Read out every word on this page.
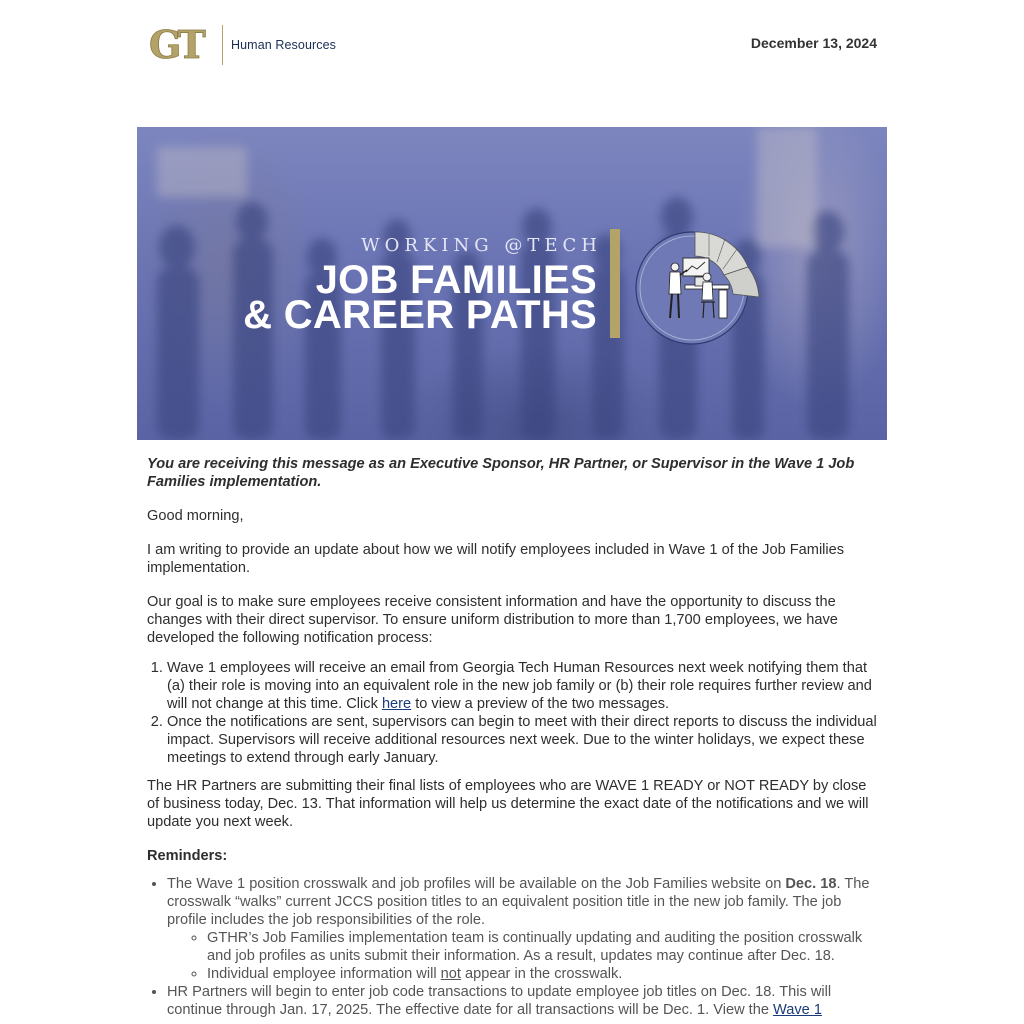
GT Human Resources	December 13, 2024
WORKING @TECH
JOB FAMILIES
& CAREER PATHS

You are receiving this message as an Executive Sponsor, HR Partner, or Supervisor in the Wave 1 Job Families implementation.

Good morning,

I am writing to provide an update about how we will notify employees included in Wave 1 of the Job Families implementation.

Our goal is to make sure employees receive consistent information and have the opportunity to discuss the changes with their direct supervisor. To ensure uniform distribution to more than 1,700 employees, we have developed the following notification process:

1. Wave 1 employees will receive an email from Georgia Tech Human Resources next week notifying them that (a) their role is moving into an equivalent role in the new job family or (b) their role requires further review and will not change at this time. Click here to view a preview of the two messages.
2. Once the notifications are sent, supervisors can begin to meet with their direct reports to discuss the individual impact. Supervisors will receive additional resources next week. Due to the winter holidays, we expect these meetings to extend through early January.

The HR Partners are submitting their final lists of employees who are WAVE 1 READY or NOT READY by close of business today, Dec. 13. That information will help us determine the exact date of the notifications and we will update you next week.

Reminders:
• The Wave 1 position crosswalk and job profiles will be available on the Job Families website on Dec. 18. The crosswalk “walks” current JCCS position titles to an equivalent position title in the new job family. The job profile includes the job responsibilities of the role.
◦ GTHR’s Job Families implementation team is continually updating and auditing the position crosswalk and job profiles as units submit their information. As a result, updates may continue after Dec. 18.
◦ Individual employee information will not appear in the crosswalk.
• HR Partners will begin to enter job code transactions to update employee job titles on Dec. 18. This will continue through Jan. 17, 2025. The effective date for all transactions will be Dec. 1. View the Wave 1
